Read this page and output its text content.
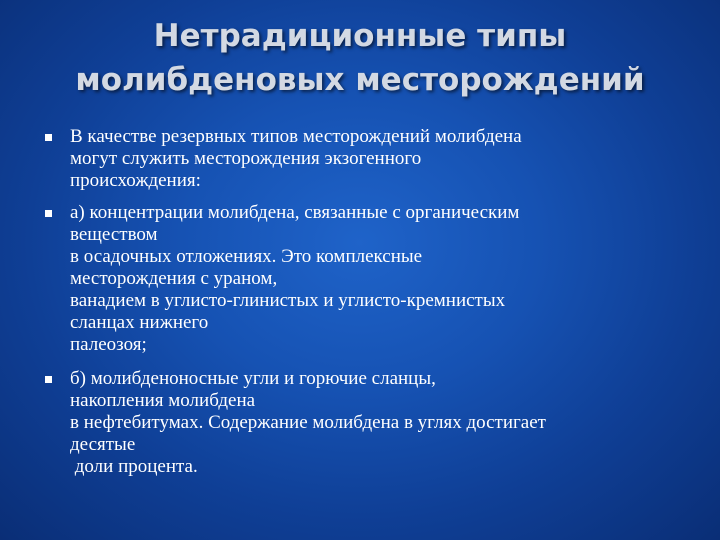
Нетрадиционные типы
молибденовых месторождений
В качестве резервных типов месторождений молибдена
могут служить месторождения экзогенного
происхождения:
а) концентрации молибдена, связанные с органическим
веществом
в осадочных отложениях. Это комплексные
месторождения с ураном,
ванадием в углисто-глинистых и углисто-кремнистых
сланцах нижнего
палеозоя;
б) молибденоносные угли и горючие сланцы,
накопления молибдена
в нефтебитумах. Содержание молибдена в углях достигает
десятые
доли процента.
